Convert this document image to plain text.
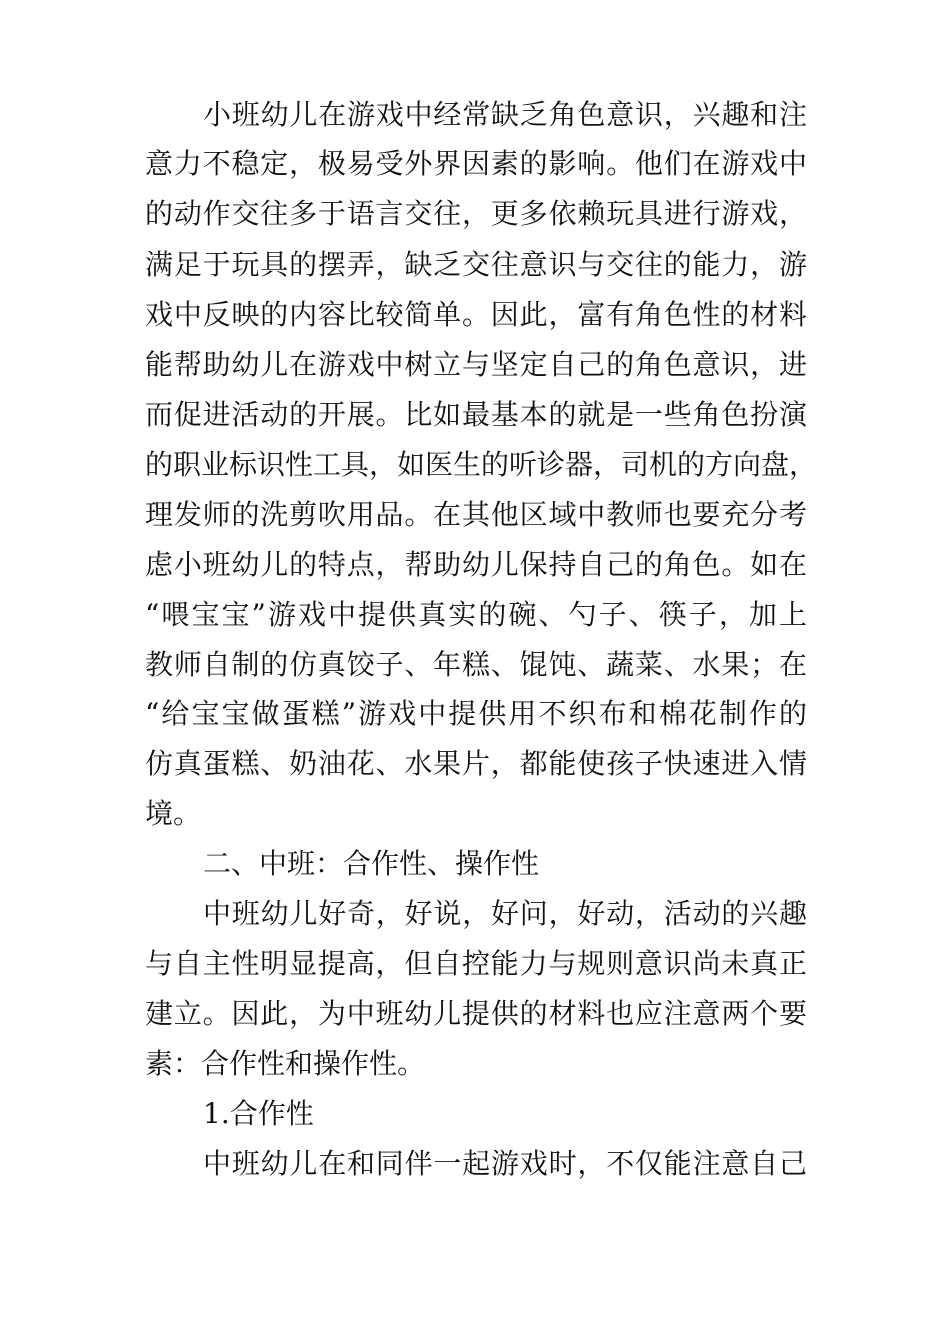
小班幼儿在游戏中经常缺乏角色意识，兴趣和注
意力不稳定，极易受外界因素的影响。他们在游戏中
的动作交往多于语言交往，更多依赖玩具进行游戏，
满足于玩具的摆弄，缺乏交往意识与交往的能力，游
戏中反映的内容比较简单。因此，富有角色性的材料
能帮助幼儿在游戏中树立与坚定自己的角色意识，进
而促进活动的开展。比如最基本的就是一些角色扮演
的职业标识性工具，如医生的听诊器，司机的方向盘，
理发师的洗剪吹用品。在其他区域中教师也要充分考
虑小班幼儿的特点，帮助幼儿保持自己的角色。如在
“喂宝宝”游戏中提供真实的碗、勺子、筷子，加上
教师自制的仿真饺子、年糕、馄饨、蔬菜、水果；在
“给宝宝做蛋糕”游戏中提供用不织布和棉花制作的
仿真蛋糕、奶油花、水果片，都能使孩子快速进入情
境。
二、中班：合作性、操作性
中班幼儿好奇，好说，好问，好动，活动的兴趣
与自主性明显提高，但自控能力与规则意识尚未真正
建立。因此，为中班幼儿提供的材料也应注意两个要
素：合作性和操作性。
1.合作性
中班幼儿在和同伴一起游戏时，不仅能注意自己
